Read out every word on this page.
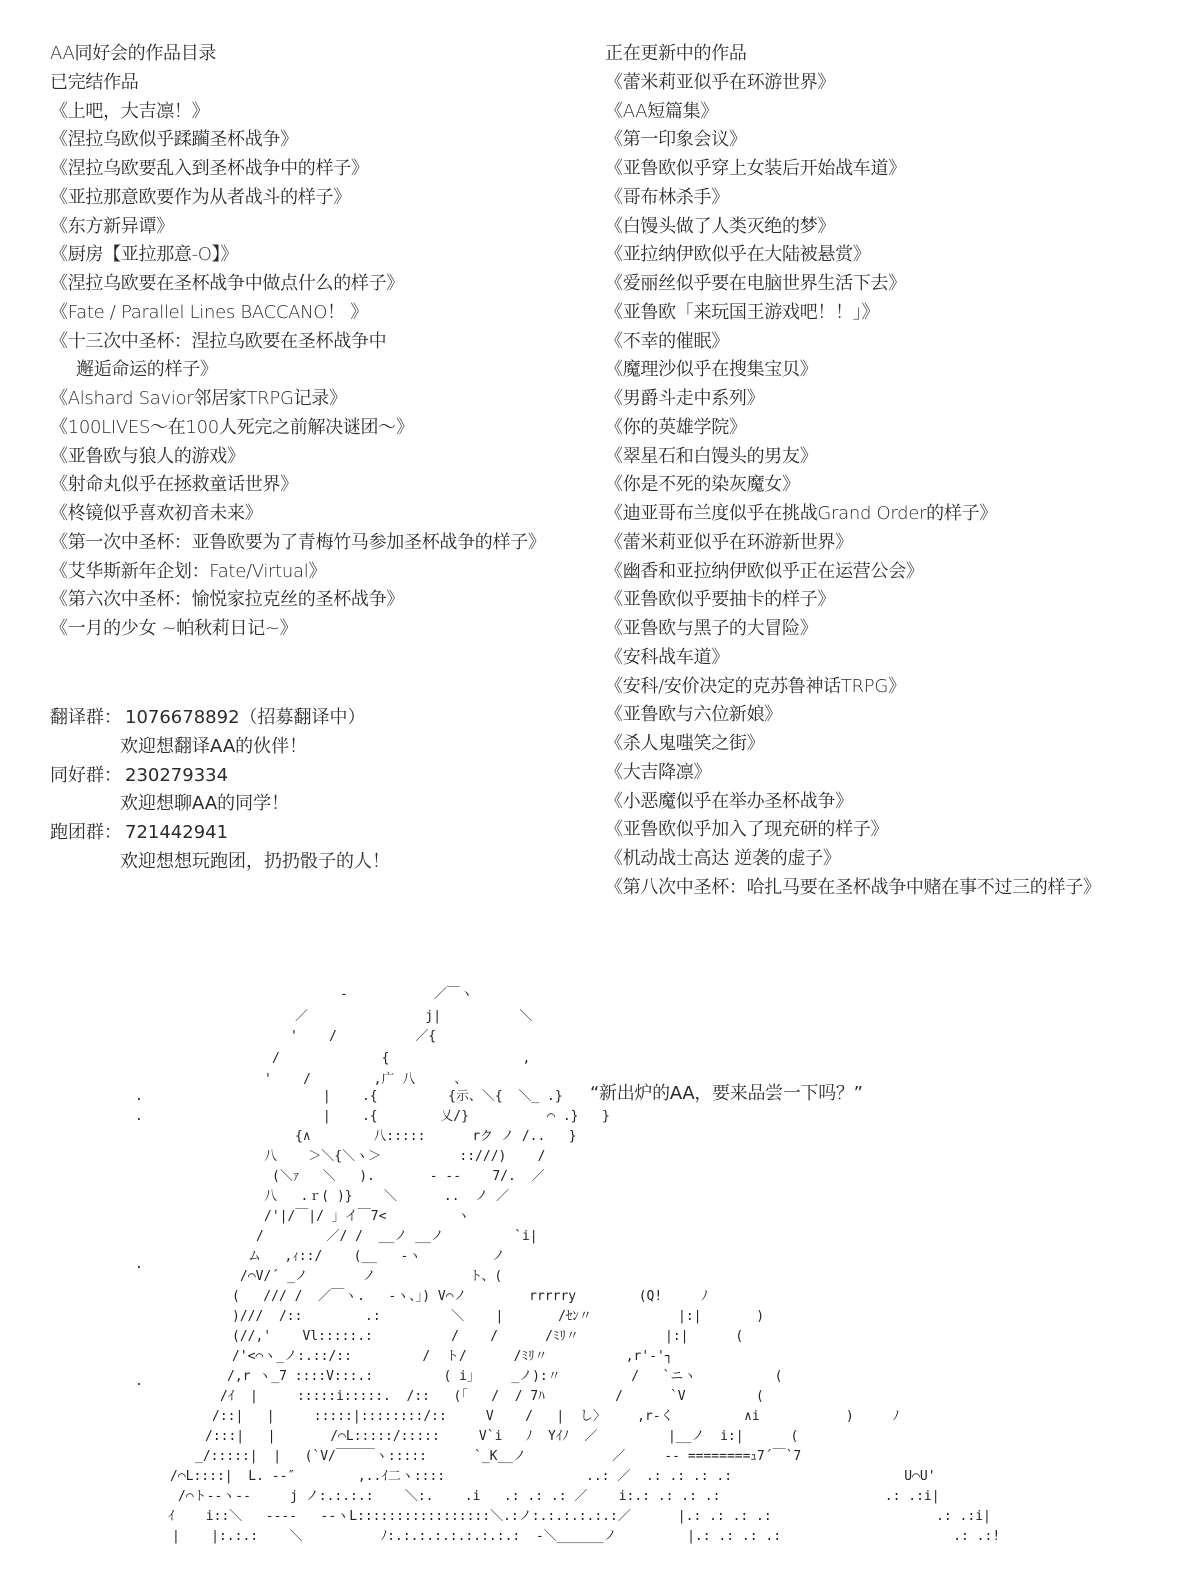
AA同好会的作品目录
已完结作品
《上吧，大吉凛！》
《涅拉乌欧似乎蹂躏圣杯战争》
《涅拉乌欧要乱入到圣杯战争中的样子》
《亚拉那意欧要作为从者战斗的样子》
《东方新异谭》
《厨房【亚拉那意-O】》
《涅拉乌欧要在圣杯战争中做点什么的样子》
《Fate / Parallel Lines BACCANO！ 》
《十三次中圣杯：涅拉乌欧要在圣杯战争中
邂逅命运的样子》
《Alshard Savior邻居家TRPG记录》
《100LIVES～在100人死完之前解决谜团～》
《亚鲁欧与狼人的游戏》
《射命丸似乎在拯救童话世界》
《柊镜似乎喜欢初音未来》
《第一次中圣杯：亚鲁欧要为了青梅竹马参加圣杯战争的样子》
《艾华斯新年企划：Fate/Virtual》
《第六次中圣杯：愉悦家拉克丝的圣杯战争》
《一月的少女 ~帕秋莉日记~》
翻译群： 1076678892（招募翻译中）
欢迎想翻译AA的伙伴！
同好群： 230279334
欢迎想聊AA的同学！
跑团群： 721442941
欢迎想想玩跑团，扔扔骰子的人！
正在更新中的作品
《蕾米莉亚似乎在环游世界》
《AA短篇集》
《第一印象会议》
《亚鲁欧似乎穿上女装后开始战车道》
《哥布林杀手》
《白馒头做了人类灭绝的梦》
《亚拉纳伊欧似乎在大陆被悬赏》
《爱丽丝似乎要在电脑世界生活下去》
《亚鲁欧「来玩国王游戏吧！！」》
《不幸的催眠》
《魔理沙似乎在搜集宝贝》
《男爵斗走中系列》
《你的英雄学院》
《翠星石和白馒头的男友》
《你是不死的染灰魔女》
《迪亚哥布兰度似乎在挑战Grand Order的样子》
《蕾米莉亚似乎在环游新世界》
《幽香和亚拉纳伊欧似乎正在运营公会》
《亚鲁欧似乎要抽卡的样子》
《亚鲁欧与黑子的大冒险》
《安科战车道》
《安科/安价决定的克苏鲁神话TRPG》
《亚鲁欧与六位新娘》
《杀人鬼嗤笑之街》
《大吉降凛》
《小恶魔似乎在举办圣杯战争》
《亚鲁欧似乎加入了现充研的样子》
《机动战士高达 逆袭的虚子》
《第八次中圣杯：哈扎马要在圣杯战争中赌在事不过三的样子》
“新出炉的AA，要来品尝一下吗？”
‐           ／￣ヽ
／               j|          ＼
'    /          ／{
/             {                 ,
'    /        ,广 八     、
.                       |    .{         {示、＼{  ＼_ .}
.                       |    .{        乂/}          ⌒ .}   }
{∧        八:::::      rク ノ /..   }
八    ＞＼{＼ヽ＞          ::///)    /
(＼ｧ   ＼   ).       ‐ ‐‐    7/.  ／
八   .ｒ( )}    ＼      ..  ノ ／
/'|/￣|/ 」イ￣7<         ヽ
/        ／/ /  __ノ __ノ         `i|
ム   ,ｨ::/    (__   ‐ヽ         ノ
.
/⌒V/´ _ノ       ノ            ト、(
(   /// /  ／￣ヽ.   ‐ヽ、」) V⌒ノ        rrrrry        (Q!     ﾉ
)///  /::        .:         ＼    |       /ｾﾝ〃           |:|       )
(//,'    Vl:::::.:          /    /      /ﾐﾘ〃           |:|      (
/'<⌒ヽ_ノ:.::/::         /  ト/      /ﾐﾘ〃          ,r'‐'┐
/,r ヽ_7 ::::V:::.:         ( i」    _ノ):〃         /   `ニヽ          (
.
/ｲ  |     :::::i:::::.  /::   (「   /  / 7ﾊ         /      `V         (
/::|   |     :::::|::::::::/::     V    /   |  し〉    ,r‐く         ∧i           )     ﾉ
/:::|   |       /⌒L:::::/:::::     V`i   ﾉ  Yｲﾉ  ／         |__ノ  i:|      (
_/:::::|  |   (`V/￣￣￣ヽ:::::      `_K__ノ           ／     ‐‐ ========ｭ7´￣`7
/⌒L::::|  L. ‐‐″        ,..ｲ二ヽ::::                  ..: ／  .: .: .: .:                      U⌒U'
/⌒ト‐‐ヽ‐‐     j ノ:.:.:.:    ＼:.    .i   .: .: .: ／    i:.: .: .: .:                     .: .:i|
ｲ    i::＼   ‐‐‐‐   ‐‐ヽL:::::::::::::::::＼.:ノ:.:.:.:.:.:／      |.: .: .: .:                     .: .:i|
|    |:.:.:    ＼          ﾉ:.:.:.:.:.:.:.:.:  ‐＼______ノ         |.: .: .: .:                      .: .:!
